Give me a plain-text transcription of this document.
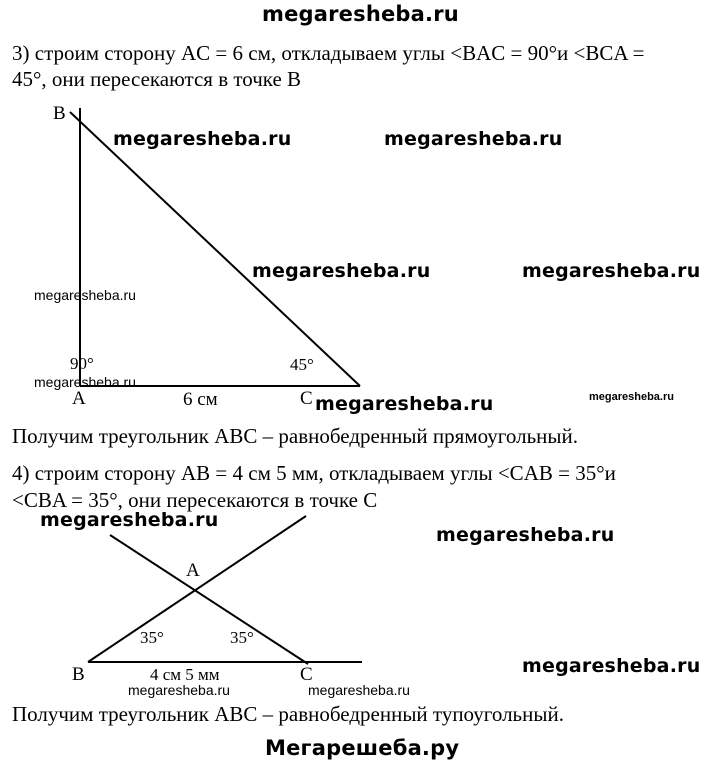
megaresheba.ru
3) строим сторону AC = 6 см, откладываем углы <BAC = 90°и <BCA =
45°, они пересекаются в точке B
B
A	C
90°	45°
6 см
Получим треугольник ABC – равнобедренный прямоугольный.
4) строим сторону AB = 4 см 5 мм, откладываем углы <CAB = 35°и
<CBA = 35°, они пересекаются в точке C
A
B	C
35°	35°
4 см 5 мм
Получим треугольник ABC – равнобедренный тупоугольный.
Мегарешеба.ру
megaresheba.ru	megaresheba.ru
megaresheba.ru	megaresheba.ru
megaresheba.ru
megaresheba.ru
megaresheba.ru	megaresheba.ru
megaresheba.ru
megaresheba.ru
megaresheba.ru
megaresheba.ru	megaresheba.ru
